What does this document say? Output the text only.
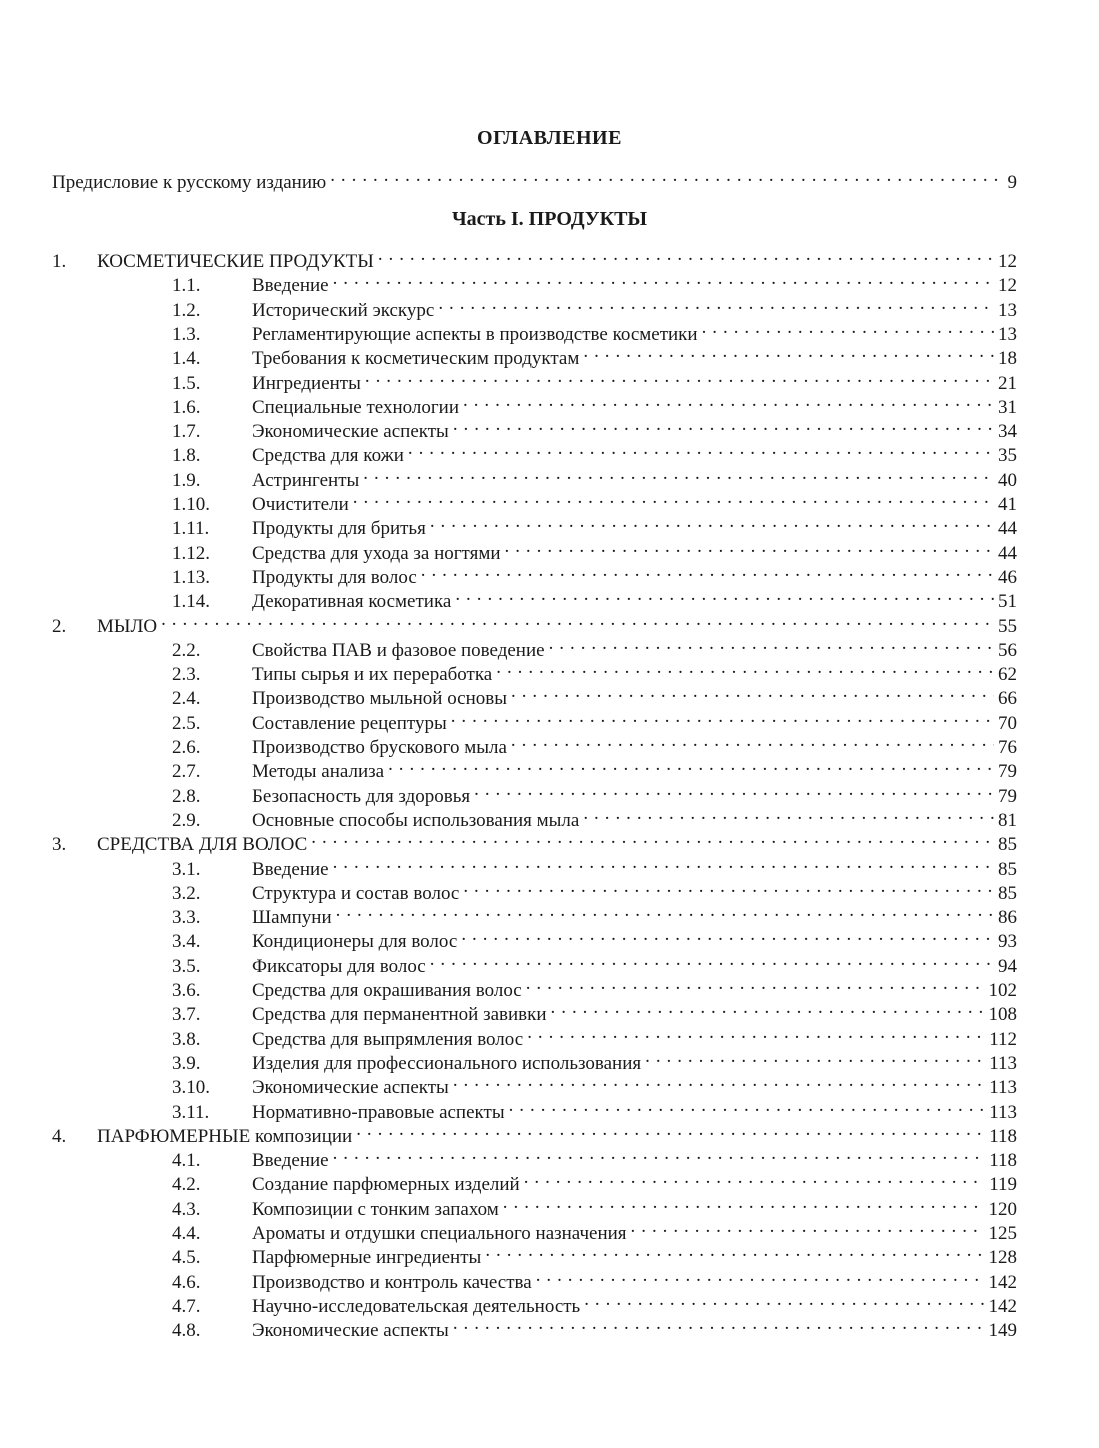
ОГЛАВЛЕНИЕ
Предисловие к русскому изданию . . .	9
Часть I. ПРОДУКТЫ
1.	КОСМЕТИЧЕСКИЕ ПРОДУКТЫ . . .	12
1.1.	Введение . . .	12
1.2.	Исторический экскурс . . .	13
1.3.	Регламентирующие аспекты в производстве косметики . . .	13
1.4.	Требования к косметическим продуктам . . .	18
1.5.	Ингредиенты . . .	21
1.6.	Специальные технологии . . .	31
1.7.	Экономические аспекты . . .	34
1.8.	Средства для кожи . . .	35
1.9.	Астрингенты . . .	40
1.10.	Очистители . . .	41
1.11.	Продукты для бритья . . .	44
1.12.	Средства для ухода за ногтями . . .	44
1.13.	Продукты для волос . . .	46
1.14.	Декоративная косметика . . .	51
2.	МЫЛО . . .	55
2.2.	Свойства ПАВ и фазовое поведение . . .	56
2.3.	Типы сырья и их переработка . . .	62
2.4.	Производство мыльной основы . . .	66
2.5.	Составление рецептуры . . .	70
2.6.	Производство брускового мыла . . .	76
2.7.	Методы анализа . . .	79
2.8.	Безопасность для здоровья . . .	79
2.9.	Основные способы использования мыла . . .	81
3.	СРЕДСТВА ДЛЯ ВОЛОС . . .	85
3.1.	Введение . . .	85
3.2.	Структура и состав волос . . .	85
3.3.	Шампуни . . .	86
3.4.	Кондиционеры для волос . . .	93
3.5.	Фиксаторы для волос . . .	94
3.6.	Средства для окрашивания волос . . .	102
3.7.	Средства для перманентной завивки . . .	108
3.8.	Средства для выпрямления волос . . .	112
3.9.	Изделия для профессионального использования . . .	113
3.10.	Экономические аспекты . . .	113
3.11.	Нормативно-правовые аспекты . . .	113
4.	ПАРФЮМЕРНЫЕ композиции . . .	118
4.1.	Введение . . .	118
4.2.	Создание парфюмерных изделий . . .	119
4.3.	Композиции с тонким запахом . . .	120
4.4.	Ароматы и отдушки специального назначения . . .	125
4.5.	Парфюмерные ингредиенты . . .	128
4.6.	Производство и контроль качества . . .	142
4.7.	Научно-исследовательская деятельность . . .	142
4.8.	Экономические аспекты . . .	149
